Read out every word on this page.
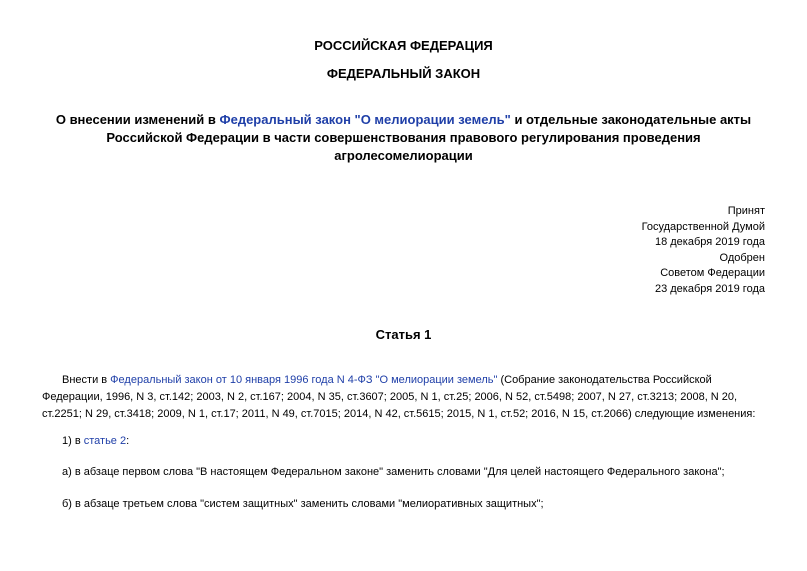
РОССИЙСКАЯ ФЕДЕРАЦИЯ
ФЕДЕРАЛЬНЫЙ ЗАКОН
О внесении изменений в Федеральный закон "О мелиорации земель" и отдельные законодательные акты Российской Федерации в части совершенствования правового регулирования проведения агролесомелиорации
Принят
Государственной Думой
18 декабря 2019 года
Одобрен
Советом Федерации
23 декабря 2019 года
Статья 1
Внести в Федеральный закон от 10 января 1996 года N 4-ФЗ "О мелиорации земель" (Собрание законодательства Российской Федерации, 1996, N 3, ст.142; 2003, N 2, ст.167; 2004, N 35, ст.3607; 2005, N 1, ст.25; 2006, N 52, ст.5498; 2007, N 27, ст.3213; 2008, N 20, ст.2251; N 29, ст.3418; 2009, N 1, ст.17; 2011, N 49, ст.7015; 2014, N 42, ст.5615; 2015, N 1, ст.52; 2016, N 15, ст.2066) следующие изменения:
1) в статье 2:
а) в абзаце первом слова "В настоящем Федеральном законе" заменить словами "Для целей настоящего Федерального закона";
б) в абзаце третьем слова "систем защитных" заменить словами "мелиоративных защитных";
